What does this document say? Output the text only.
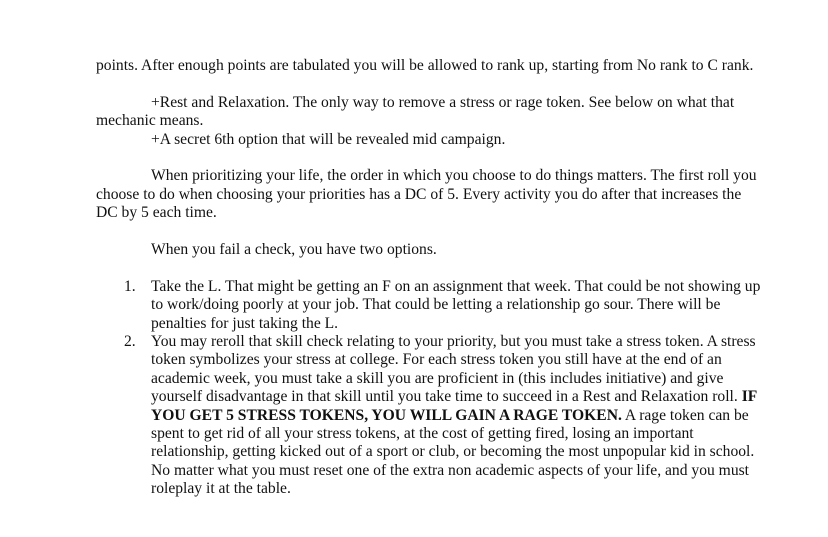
points. After enough points are tabulated you will be allowed to rank up, starting from No rank to C rank.

+Rest and Relaxation. The only way to remove a stress or rage token. See below on what that mechanic means.

+A secret 6th option that will be revealed mid campaign.

When prioritizing your life, the order in which you choose to do things matters. The first roll you choose to do when choosing your priorities has a DC of 5. Every activity you do after that increases the DC by 5 each time.

When you fail a check, you have two options.

1. Take the L. That might be getting an F on an assignment that week. That could be not showing up to work/doing poorly at your job. That could be letting a relationship go sour. There will be penalties for just taking the L.
2. You may reroll that skill check relating to your priority, but you must take a stress token. A stress token symbolizes your stress at college. For each stress token you still have at the end of an academic week, you must take a skill you are proficient in (this includes initiative) and give yourself disadvantage in that skill until you take time to succeed in a Rest and Relaxation roll. IF YOU GET 5 STRESS TOKENS, YOU WILL GAIN A RAGE TOKEN. A rage token can be spent to get rid of all your stress tokens, at the cost of getting fired, losing an important relationship, getting kicked out of a sport or club, or becoming the most unpopular kid in school. No matter what you must reset one of the extra non academic aspects of your life, and you must roleplay it at the table.
